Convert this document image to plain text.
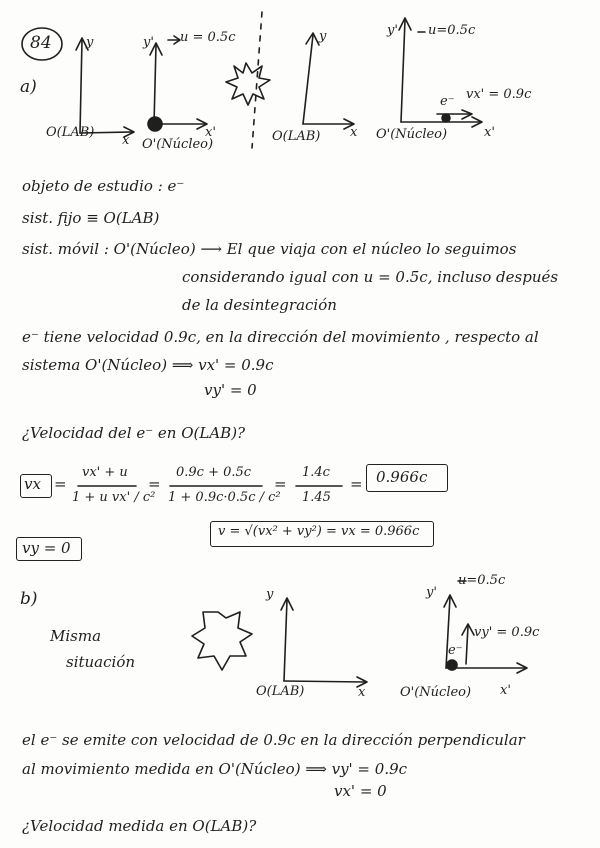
84
a)
y	y' u = 0.5c
x
x'
O(LAB)
O'(Núcleo)
y	y' u=0.5c
e⁻ vx' = 0.9c
x	x'
O(LAB)	O'(Núcleo)
objeto de estudio : e⁻
sist. fijo ≡ O(LAB)
sist. móvil : O'(Núcleo) ⟶ El que viaja con el núcleo lo seguimos
considerando igual con u = 0.5c, incluso después
de la desintegración
e⁻ tiene velocidad 0.9c, en la dirección del movimiento , respecto al
sistema O'(Núcleo) ⟹ vx' = 0.9c
vy' = 0
¿Velocidad del e⁻ en O(LAB)?
vx =
vx' + u
1 + u vx' / c²
=
0.9c + 0.5c
1 + 0.9c·0.5c / c²
=
1.4c
1.45
= 0.966c
vy = 0
v = √(vx² + vy²) = vx = 0.966c
b)
Misma
situación
y
x
O(LAB)
y'
u=0.5c
e⁻
vy' = 0.9c
x'
O'(Núcleo)
el e⁻ se emite con velocidad de 0.9c en la dirección perpendicular
al movimiento medida en O'(Núcleo) ⟹ vy' = 0.9c
vx' = 0
¿Velocidad medida en O(LAB)?
